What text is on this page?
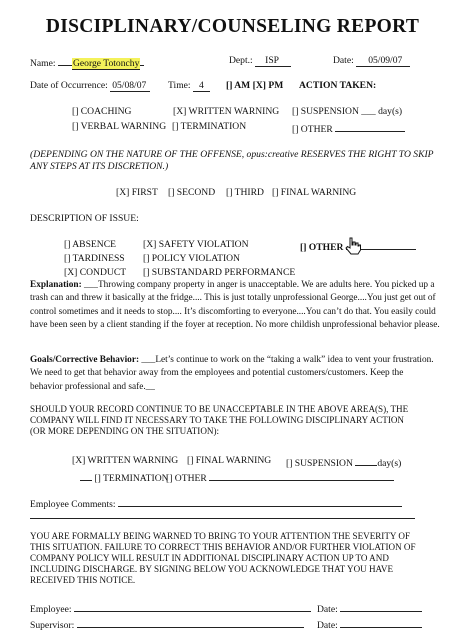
DISCIPLINARY/COUNSELING REPORT
Name: George Totonchy	Dept.: ISP	Date: 05/09/07
Date of Occurrence: 05/08/07	Time: 4	[] AM [X] PM ACTION TAKEN:
[] COACHING	[X] WRITTEN WARNING [] SUSPENSION ___ day(s)
[] VERBAL WARNING [] TERMINATION	[] OTHER
(DEPENDING ON THE NATURE OF THE OFFENSE, opus:creative RESERVES THE RIGHT TO SKIP
ANY STEPS AT ITS DISCRETION.)
[X] FIRST [] SECOND [] THIRD [] FINAL WARNING
DESCRIPTION OF ISSUE:
[] ABSENCE	[X] SAFETY VIOLATION	[] OTHER
[] TARDINESS [] POLICY VIOLATION
[X] CONDUCT [] SUBSTANDARD PERFORMANCE
Explanation: ___Throwing company property in anger is unacceptable. We are adults here. You picked up a trash can and threw it basically at the fridge.... This is just totally unprofessional George....You just get out of control sometimes and it needs to stop.... It’s discomforting to everyone....You can’t do that. You easily could have been seen by a client standing if the foyer at reception. No more childish unprofessional behavior please.
Goals/Corrective Behavior: ___Let’s continue to work on the “taking a walk” idea to vent your frustration. We need to get that behavior away from the employees and potential customers/customers. Keep the behavior professional and safe.__
SHOULD YOUR RECORD CONTINUE TO BE UNACCEPTABLE IN THE ABOVE AREA(S), THE
COMPANY WILL FIND IT NECESSARY TO TAKE THE FOLLOWING DISCIPLINARY ACTION
(OR MORE DEPENDING ON THE SITUATION):
[X] WRITTEN WARNING [] FINAL WARNING [] SUSPENSION	day(s)
[] TERMINATION
[] OTHER
Employee Comments:
YOU ARE FORMALLY BEING WARNED TO BRING TO YOUR ATTENTION THE SEVERITY OF
THIS SITUATION. FAILURE TO CORRECT THIS BEHAVIOR AND/OR FURTHER VIOLATION OF
COMPANY POLICY WILL RESULT IN ADDITIONAL DISCIPLINARY ACTION UP TO AND
INCLUDING DISCHARGE. BY SIGNING BELOW YOU ACKNOWLEDGE THAT YOU HAVE
RECEIVED THIS NOTICE.
Employee:	Date:
Supervisor:	Date:
